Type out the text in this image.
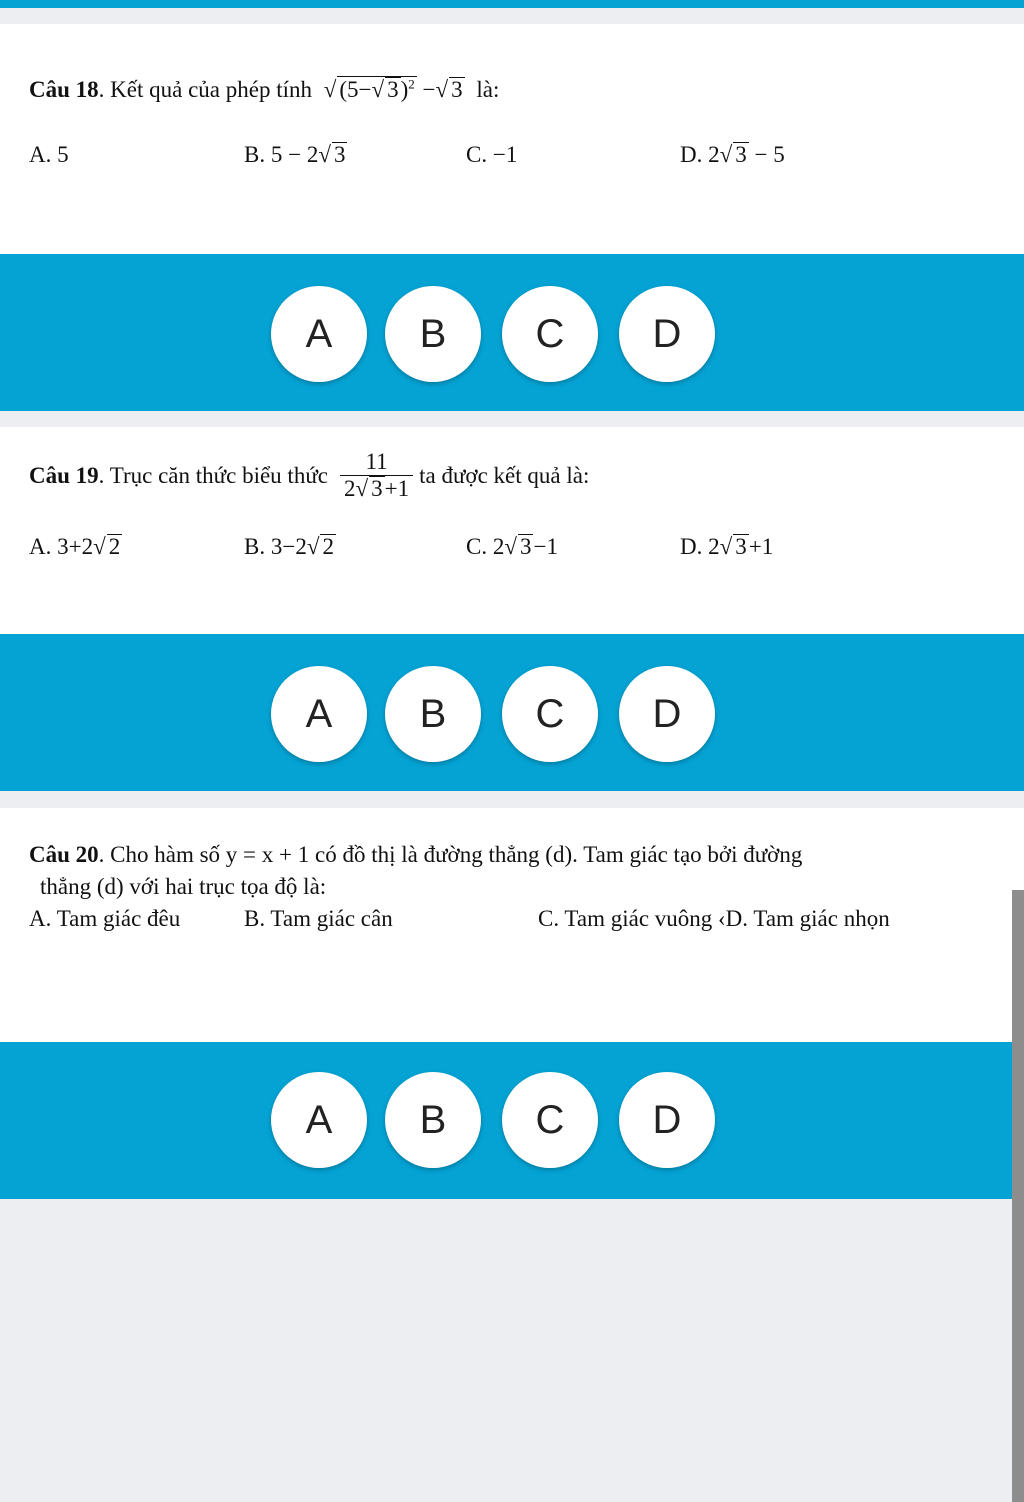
Câu 18. Kết quả của phép tính √ (5−√ 3)$^2$ −√ 3 là:
A. 5	B. 5 − 2√ 3	C. −1	D. 2√ 3 − 5
A	B	C	D
Câu 19 . Trục căn thức biểu thức $\frac{11}{2√ 3+1}$ ta được kết quả là:
A. 3+2√ 2	B. 3−2√ 2	C. 2√ 3−1	D. 2√ 3+1
A	B	C	D
Câu 20. Cho hàm số y = x + 1 có đồ thị là đường thẳng (d). Tam giác tạo bởi đường
thẳng (d) với hai trục tọa độ là:
A. Tam giác đêu	B. Tam giác cân	C. Tam giác vuông ‹D. Tam giác nhọn
A	B	C	D
